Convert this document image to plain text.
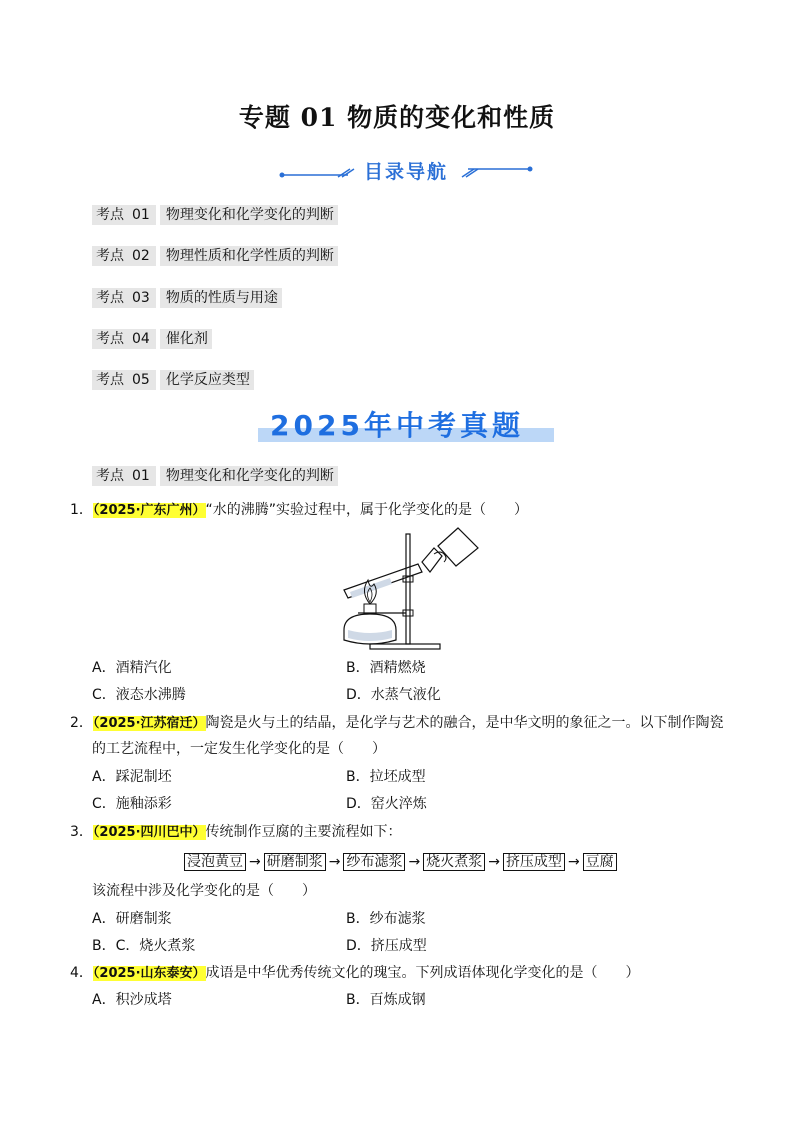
专题 01 物质的变化和性质
目录导航
考点 01 物理变化和化学变化的判断
考点 02 物理性质和化学性质的判断
考点 03 物质的性质与用途
考点 04 催化剂
考点 05 化学反应类型
2025年中考真题
考点 01 物理变化和化学变化的判断
1．（2025·广东广州）“水的沸腾”实验过程中，属于化学变化的是（　　）
A．酒精汽化	B．酒精燃烧
C．液态水沸腾	D．水蒸气液化
2．（2025·江苏宿迁）陶瓷是火与土的结晶，是化学与艺术的融合，是中华文明的象征之一。以下制作陶瓷
的工艺流程中，一定发生化学变化的是（　　）
A．踩泥制坯	B．拉坯成型
C．施釉添彩	D．窑火淬炼
3．（2025·四川巴中）传统制作豆腐的主要流程如下：
浸泡黄豆 → 研磨制浆 → 纱布滤浆 → 烧火煮浆 → 挤压成型 → 豆腐
该流程中涉及化学变化的是（　　）
A．研磨制浆	B．纱布滤浆
B．C．烧火煮浆	D．挤压成型
4．（2025·山东泰安）成语是中华优秀传统文化的瑰宝。下列成语体现化学变化的是（　　）
A．积沙成塔	B．百炼成钢
